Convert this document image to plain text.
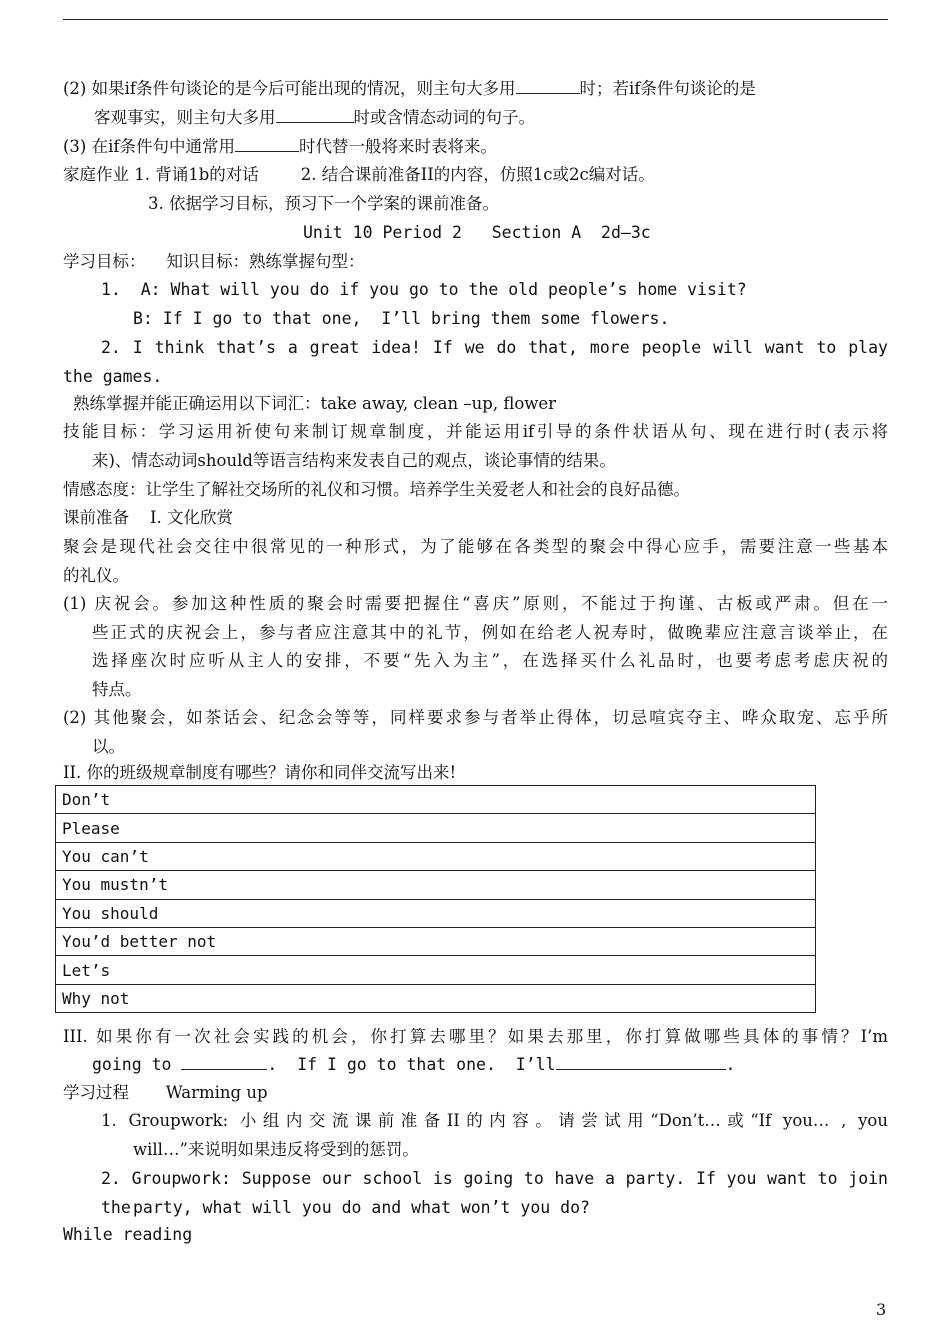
(2) 如果if条件句谈论的是今后可能出现的情况，则主句大多用	时；若if条件句谈论的是
客观事实，则主句大多用	时或含情态动词的句子。
(3) 在if条件句中通常用	时代替一般将来时表将来。
家庭作业 1. 背诵1b的对话        2. 结合课前准备II的内容，仿照1c或2c编对话。
3. 依据学习目标，预习下一个学案的课前准备。
Unit 10 Period 2   Section A  2d—3c
学习目标：    知识目标：熟练掌握句型：
1.  A: What will you do if you go to the old people’s home visit?
B: If I go to that one,  I’ll bring them some flowers.
2. I think that’s a great idea! If we do that, more people will want to play
the games.
熟练掌握并能正确运用以下词汇：take away, clean –up, flower
技能目标：学习运用祈使句来制订规章制度，并能运用if引导的条件状语从句、现在进行时(表示将
来)、情态动词should等语言结构来发表自己的观点，谈论事情的结果。
情感态度：让学生了解社交场所的礼仪和习惯。培养学生关爱老人和社会的良好品德。
课前准备    I. 文化欣赏
聚会是现代社会交往中很常见的一种形式，为了能够在各类型的聚会中得心应手，需要注意一些基本
的礼仪。
(1) 庆祝会。参加这种性质的聚会时需要把握住“喜庆”原则，不能过于拘谨、古板或严肃。但在一
些正式的庆祝会上，参与者应注意其中的礼节，例如在给老人祝寿时，做晚辈应注意言谈举止，在
选择座次时应听从主人的安排，不要“先入为主”，在选择买什么礼品时，也要考虑考虑庆祝的
特点。
(2) 其他聚会，如茶话会、纪念会等等，同样要求参与者举止得体，切忌喧宾夺主、哗众取宠、忘乎所
以。
II. 你的班级规章制度有哪些？请你和同伴交流写出来!
Don’t
Please
You can’t
You mustn’t
You should
You’d better not
Let’s
Why not
III. 如果你有一次社会实践的机会，你打算去哪里？如果去那里，你打算做哪些具体的事情？I’m
going to	.  If I go to that one.  I’ll	.
学习过程       Warming up
1. Groupwork: 小组内交流课前准备II的内容。请尝试用“Don’t…或“If you… , you
will…”来说明如果违反将受到的惩罚。
2. Groupwork: Suppose our school is going to have a party. If you want to join the party, what will you do and what won’t you do?
While reading
3
